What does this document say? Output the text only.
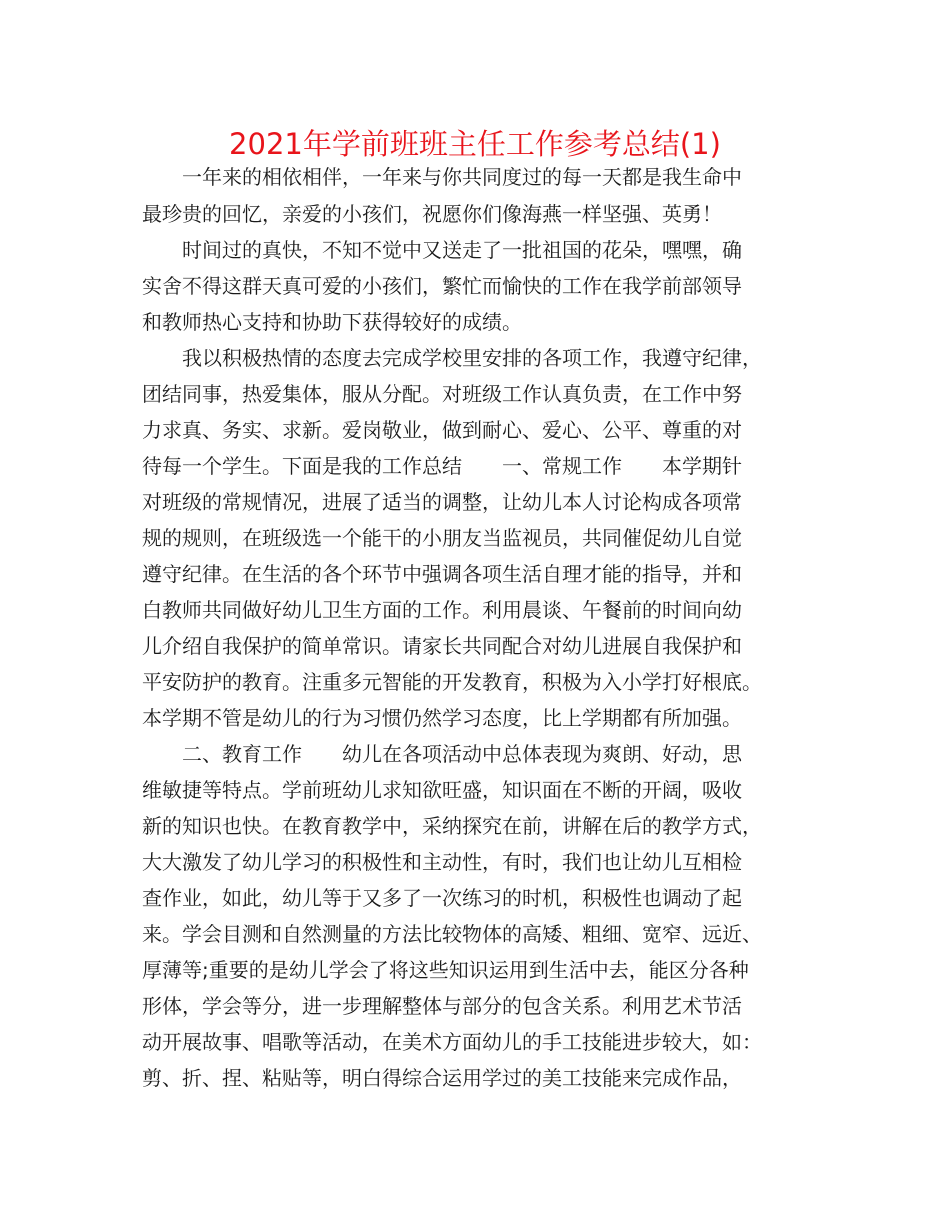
2021年学前班班主任工作参考总结(1)

　　一年来的相依相伴，一年来与你共同度过的每一天都是我生命中

最珍贵的回忆，亲爱的小孩们，祝愿你们像海燕一样坚强、英勇！

　　时间过的真快，不知不觉中又送走了一批祖国的花朵，嘿嘿，确

实舍不得这群天真可爱的小孩们，繁忙而愉快的工作在我学前部领导

和教师热心支持和协助下获得较好的成绩。

　　我以积极热情的态度去完成学校里安排的各项工作，我遵守纪律，

团结同事，热爱集体，服从分配。对班级工作认真负责，在工作中努

力求真、务实、求新。爱岗敬业，做到耐心、爱心、公平、尊重的对

待每一个学生。下面是我的工作总结　　一、常规工作　　本学期针

对班级的常规情况，进展了适当的调整，让幼儿本人讨论构成各项常

规的规则，在班级选一个能干的小朋友当监视员，共同催促幼儿自觉

遵守纪律。在生活的各个环节中强调各项生活自理才能的指导，并和

白教师共同做好幼儿卫生方面的工作。利用晨谈、午餐前的时间向幼

儿介绍自我保护的简单常识。请家长共同配合对幼儿进展自我保护和

平安防护的教育。注重多元智能的开发教育，积极为入小学打好根底。

本学期不管是幼儿的行为习惯仍然学习态度，比上学期都有所加强。

　　二、教育工作　　幼儿在各项活动中总体表现为爽朗、好动，思

维敏捷等特点。学前班幼儿求知欲旺盛，知识面在不断的开阔，吸收

新的知识也快。在教育教学中，采纳探究在前，讲解在后的教学方式，

大大激发了幼儿学习的积极性和主动性，有时，我们也让幼儿互相检

查作业，如此，幼儿等于又多了一次练习的时机，积极性也调动了起

来。学会目测和自然测量的方法比较物体的高矮、粗细、宽窄、远近、

厚薄等;重要的是幼儿学会了将这些知识运用到生活中去，能区分各种

形体，学会等分，进一步理解整体与部分的包含关系。利用艺术节活

动开展故事、唱歌等活动，在美术方面幼儿的手工技能进步较大，如：

剪、折、捏、粘贴等，明白得综合运用学过的美工技能来完成作品，
